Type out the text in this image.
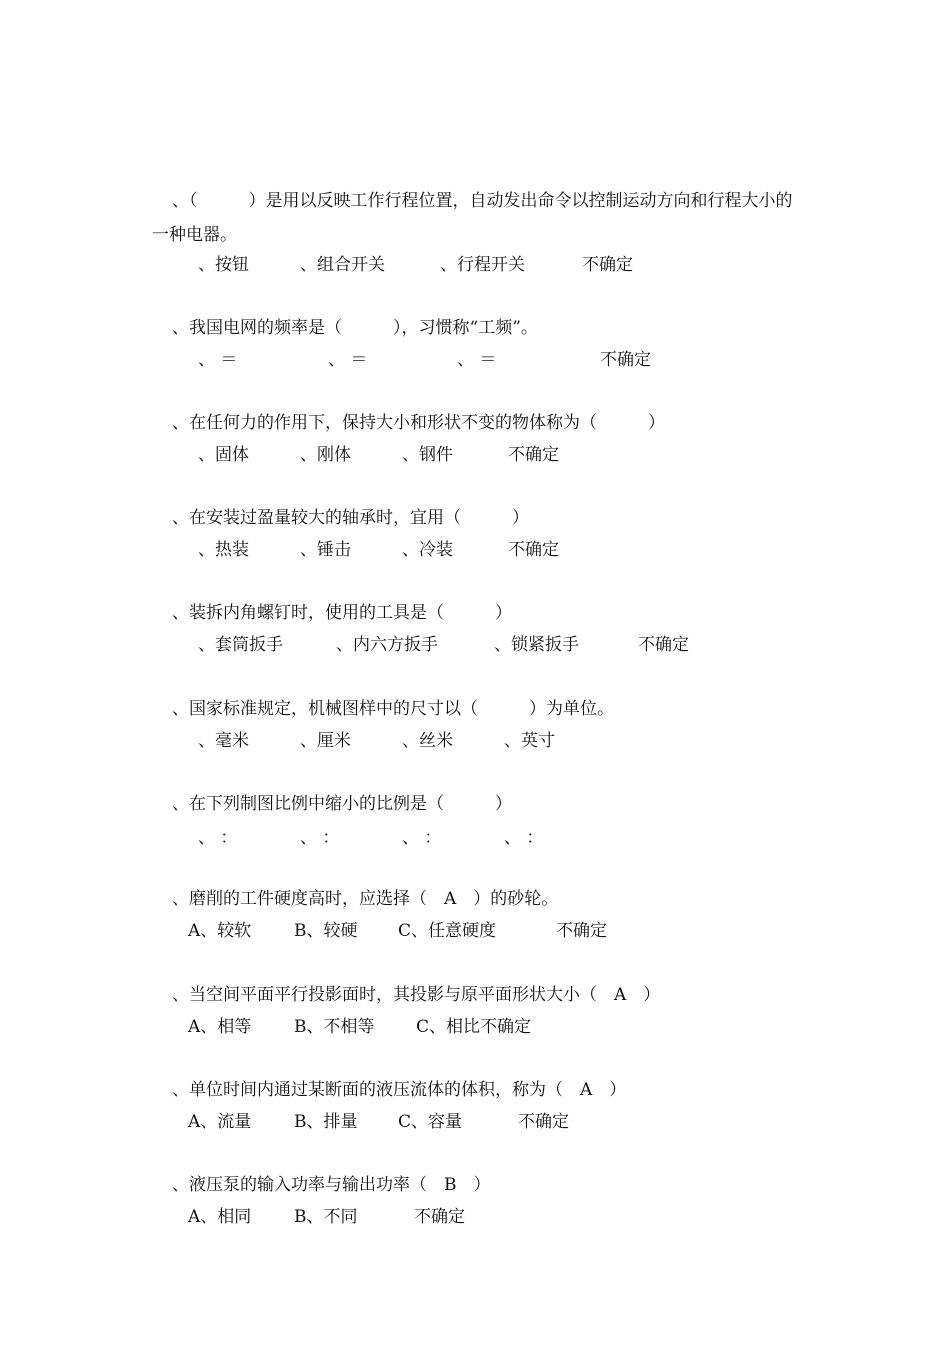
、（　　　）是用以反映工作行程位置，自动发出命令以控制运动方向和行程大小的
一种电器。
、按钮	、组合开关	、行程开关	不确定
、我国电网的频率是（　　　），习惯称“工频”。
、 ＝	、 ＝	、 ＝	不确定
、在任何力的作用下，保持大小和形状不变的物体称为（　　　）
、固体	、刚体	、钢件	不确定
、在安装过盈量较大的轴承时，宜用（　　　）
、热装	、锤击	、冷装	不确定
、装拆内角螺钉时，使用的工具是（　　　）
、套筒扳手	、内六方扳手	、锁紧扳手	不确定
、国家标准规定，机械图样中的尺寸以（　　　）为单位。
、毫米	、厘米	、丝米	、英寸
、在下列制图比例中缩小的比例是（　　　）
、 ：	、 ：	、 ：	、 ：
、磨削的工件硬度高时，应选择（　A　）的砂轮。
A、较软	B、较硬 C、任意硬度	不确定
、当空间平面平行投影面时，其投影与原平面形状大小（　A　）
A、相等	B、不相等 C、相比不确定
、单位时间内通过某断面的液压流体的体积，称为（　A　）
A、流量	B、排量 C、容量	不确定
、液压泵的输入功率与输出功率（　B　）
A、相同	B、不同	不确定
